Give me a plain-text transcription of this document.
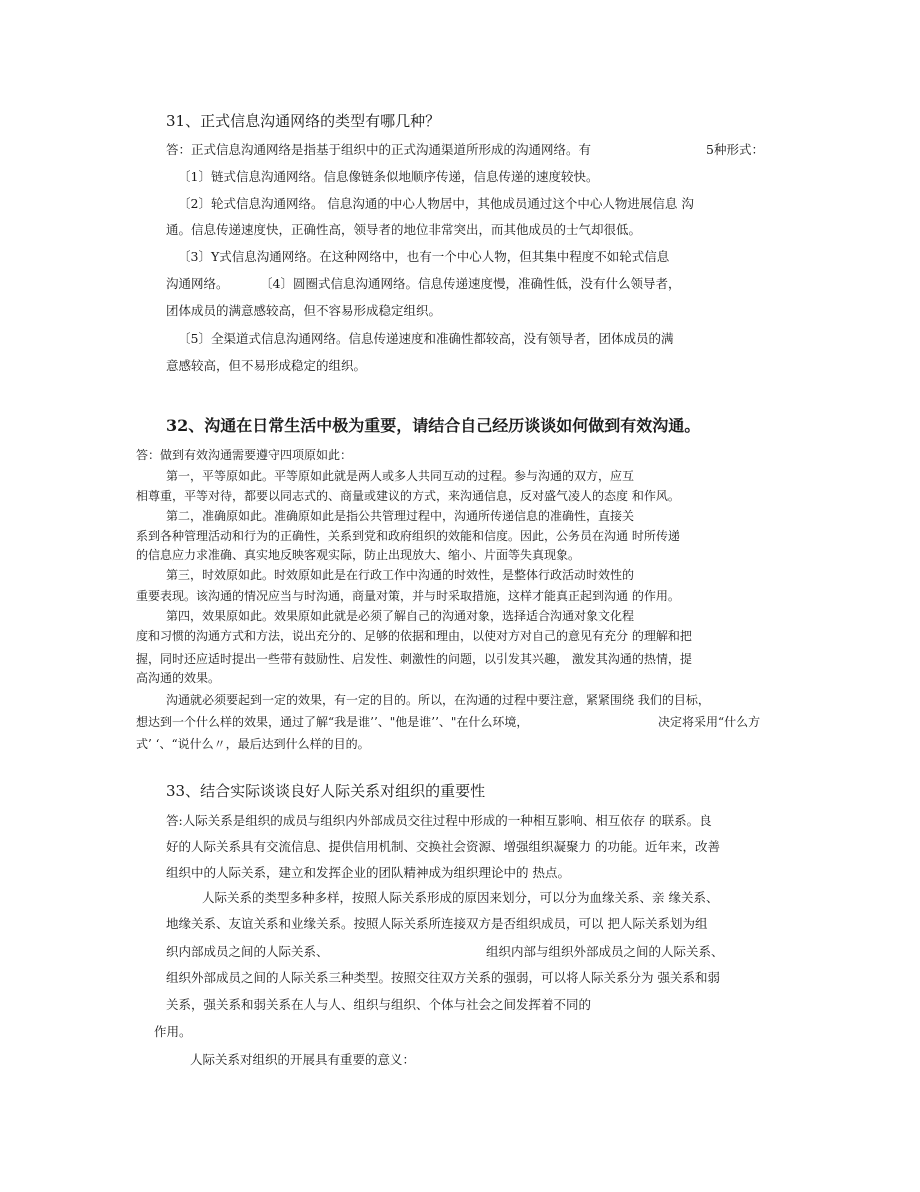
31、正式信息沟通网络的类型有哪几种？
答：正式信息沟通网络是指基于组织中的正式沟通渠道所形成的沟通网络。有	5种形式：
〔1〕链式信息沟通网络。信息像链条似地顺序传递，信息传递的速度较快。
〔2〕轮式信息沟通网络。 信息沟通的中心人物居中，其他成员通过这个中心人物进展信息 沟
通。信息传递速度快，正确性高，领导者的地位非常突出，而其他成员的士气却很低。
〔3〕Y式信息沟通网络。在这种网络中，也有一个中心人物，但其集中程度不如轮式信息
沟通网络。	〔4〕圆圈式信息沟通网络。信息传递速度慢，准确性低，没有什么领导者，
团体成员的满意感较高，但不容易形成稳定组织。
〔5〕全渠道式信息沟通网络。信息传递速度和准确性都较高，没有领导者，团体成员的满
意感较高，但不易形成稳定的组织。
32、沟通在日常生活中极为重要，请结合自己经历谈谈如何做到有效沟通。
答：做到有效沟通需要遵守四项原如此：
第一，平等原如此。平等原如此就是两人或多人共同互动的过程。参与沟通的双方，应互
相尊重，平等对待，都要以同志式的、商量或建议的方式，来沟通信息，反对盛气凌人的态度 和作风。
第二，准确原如此。准确原如此是指公共管理过程中，沟通所传递信息的准确性，直接关
系到各种管理活动和行为的正确性，关系到党和政府组织的效能和信度。因此，公务员在沟通 时所传递
的信息应力求准确、真实地反映客观实际，防止出现放大、缩小、片面等失真现象。
第三，时效原如此。时效原如此是在行政工作中沟通的时效性，是整体行政活动时效性的
重要表现。该沟通的情况应当与时沟通，商量对策，并与时采取措施，这样才能真正起到沟通 的作用。
第四，效果原如此。效果原如此就是必须了解自己的沟通对象，选择适合沟通对象文化程
度和习惯的沟通方式和方法，说出充分的、足够的依据和理由，以使对方对自己的意见有充分 的理解和把
握，同时还应适时提出一些带有鼓励性、启发性、刺激性的问题，以引发其兴趣， 激发其沟通的热情，提
高沟通的效果。
沟通就必须要起到一定的效果，有一定的目的。所以，在沟通的过程中要注意，紧紧围绕 我们的目标，
想达到一个什么样的效果，通过了解“我是谁’’、"他是谁’’、"在什么环境，	决定将采用“什么方
式’ ‘、“说什么〃，最后达到什么样的目的。
33、结合实际谈谈良好人际关系对组织的重要性
答:人际关系是组织的成员与组织内外部成员交往过程中形成的一种相互影响、相互依存 的联系。良
好的人际关系具有交流信息、提供信用机制、交换社会资源、增强组织凝聚力 的功能。近年来，改善
组织中的人际关系，建立和发挥企业的团队精神成为组织理论中的 热点。
人际关系的类型多种多样，按照人际关系形成的原因来划分，可以分为血缘关系、亲 缘关系、
地缘关系、友谊关系和业缘关系。按照人际关系所连接双方是否组织成员，可以 把人际关系划为组
织内部成员之间的人际关系、	组织内部与组织外部成员之间的人际关系、
组织外部成员之间的人际关系三种类型。按照交往双方关系的强弱，可以将人际关系分为 强关系和弱
关系，强关系和弱关系在人与人、组织与组织、个体与社会之间发挥着不同的
作用。
人际关系对组织的开展具有重要的意义：
